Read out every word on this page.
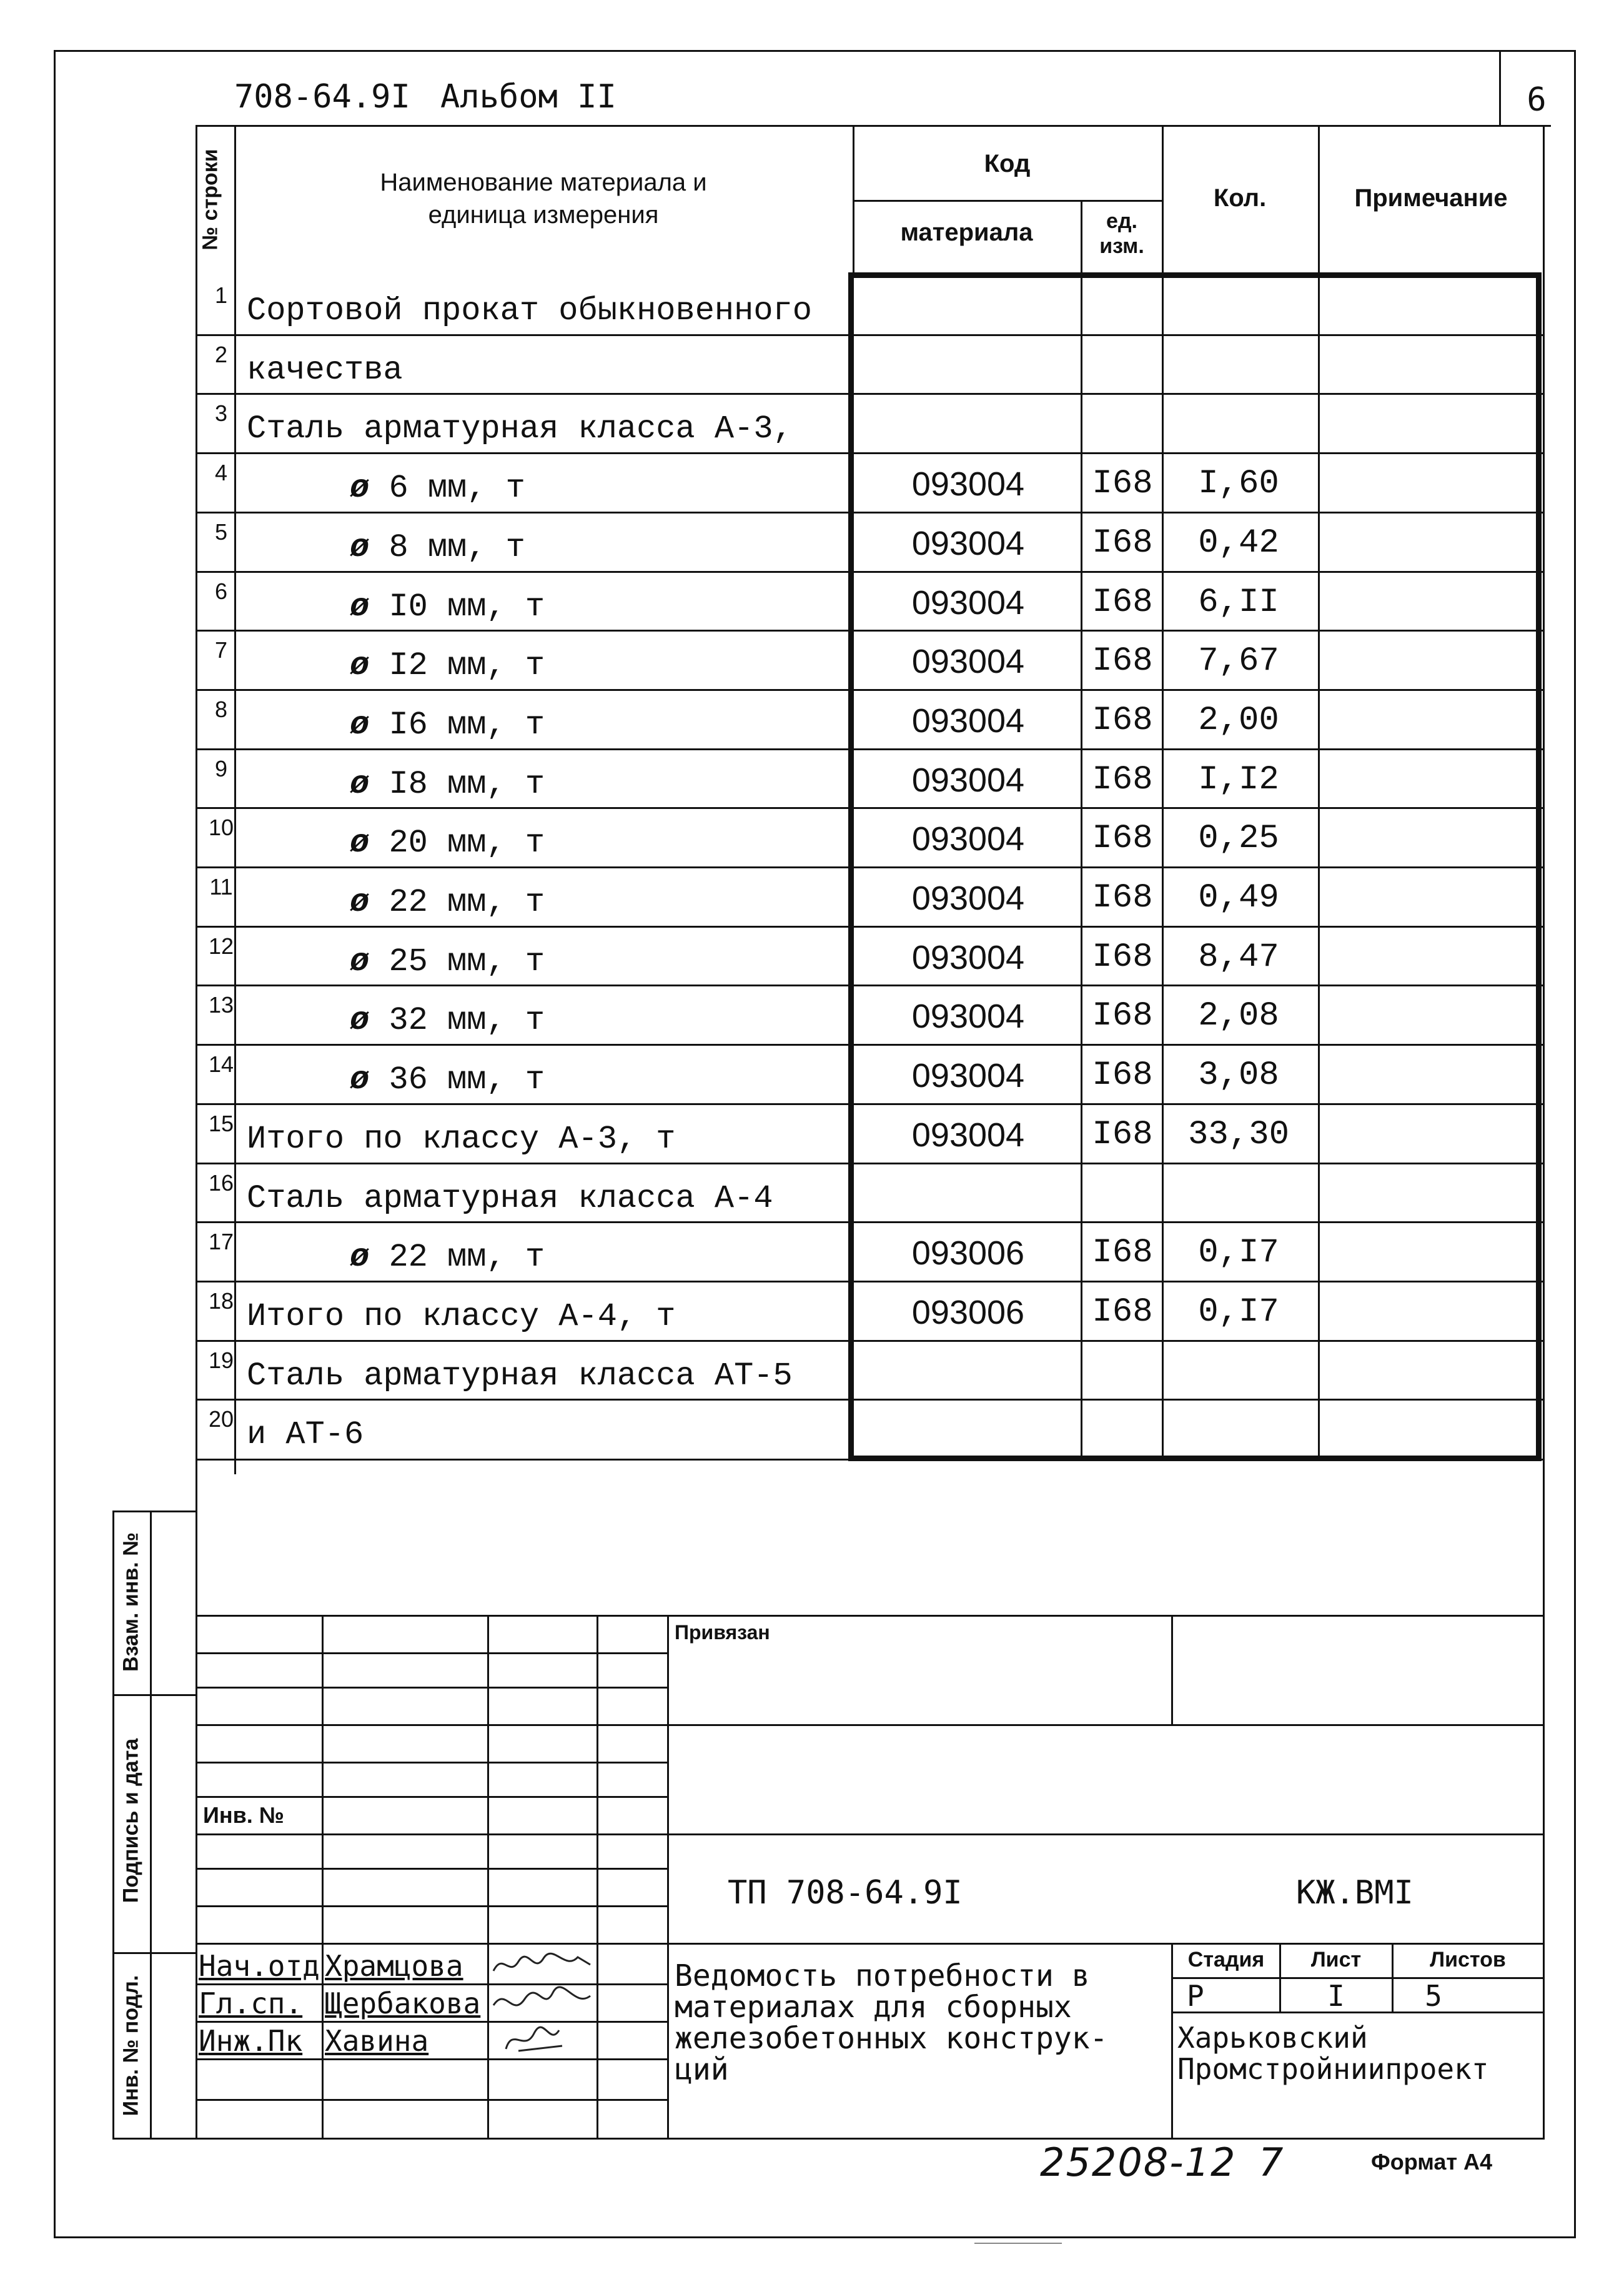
708-64.9I Альбом II	6
№ строки	Наименование материала и
единица измерения
Код
материала	ед.
изм.
Кол.	Примечание
1 Сортовой прокат обыкновенного
2 качества
3 Сталь арматурная класса А-3,
4	ø 6 мм, т	093004	I68	I,60
5	ø 8 мм, т	093004	I68	0,42
6	ø I0 мм, т	093004	I68	6,II
7	ø I2 мм, т	093004	I68	7,67
8	ø I6 мм, т	093004	I68	2,00
9	ø I8 мм, т	093004	I68	I,I2
10	ø 20 мм, т	093004	I68	0,25
11	ø 22 мм, т	093004	I68	0,49
12	ø 25 мм, т	093004	I68	8,47
13	ø 32 мм, т	093004	I68	2,08
14	ø 36 мм, т	093004	I68	3,08
15 Итого по классу А-3, т	093004	I68	33,30
16 Сталь арматурная класса А-4
17	ø 22 мм, т	093006	I68	0,I7
18 Итого по классу А-4, т	093006	I68	0,I7
19 Сталь арматурная класса АТ-5
20 и АТ-6
Взам. инв. №
Подпись и дата
Инв. № подл.
Привязан
Инв. №
ТП 708-64.9I	КЖ.ВМI
Нач.отд Храмцова
Гл.сп. Щербакова
Инж.Пк Хавина
Ведомость потребности в
материалах для сборных
железобетонных конструк-
ций
Стадия	Лист	Листов
Р	I	5
Харьковский
Промстройниипроект
25208-12 7	Формат А4
